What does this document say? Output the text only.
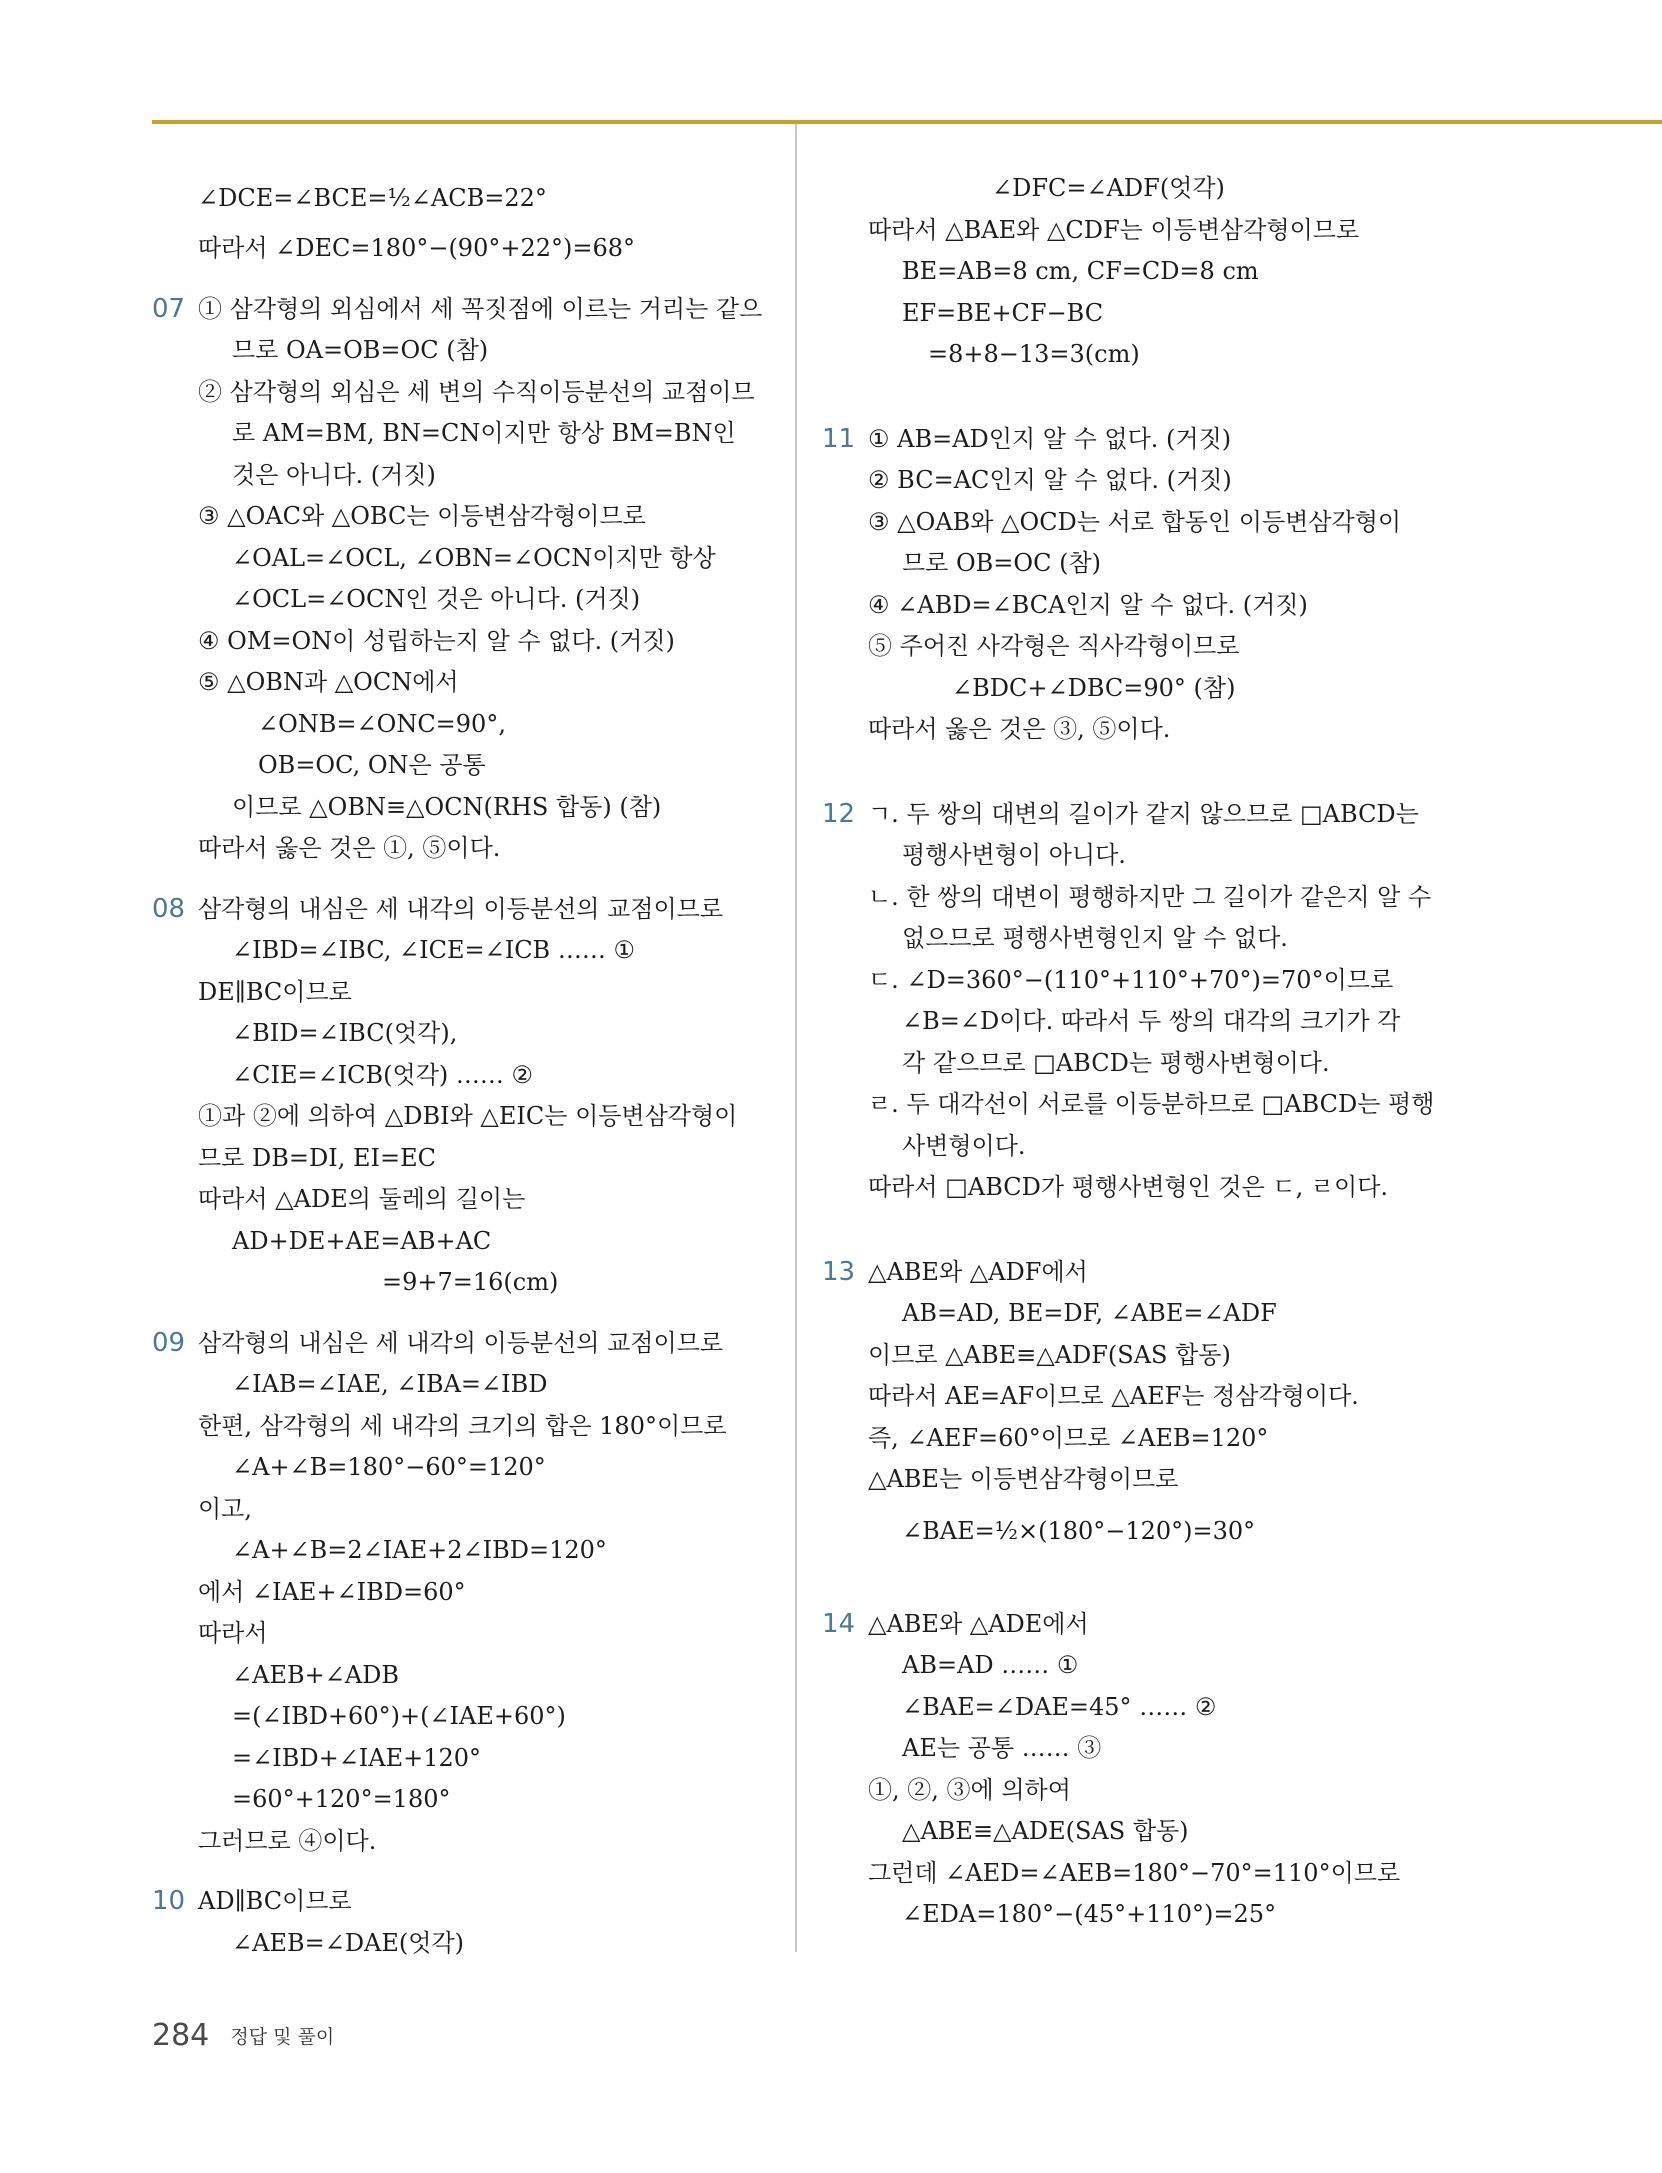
∠DCE=∠BCE=½∠ACB=22°
따라서 ∠DEC=180°−(90°+22°)=68°
07 ① 삼각형의 외심에서 세 꼭짓점에 이르는 거리는 같으
므로 OA=OB=OC (참)
② 삼각형의 외심은 세 변의 수직이등분선의 교점이므
로 AM=BM, BN=CN이지만 항상 BM=BN인
것은 아니다. (거짓)
③ △OAC와 △OBC는 이등변삼각형이므로
∠OAL=∠OCL, ∠OBN=∠OCN이지만 항상
∠OCL=∠OCN인 것은 아니다. (거짓)
④ OM=ON이 성립하는지 알 수 없다. (거짓)
⑤ △OBN과 △OCN에서
∠ONB=∠ONC=90°,
OB=OC, ON은 공통
이므로 △OBN≡△OCN(RHS 합동) (참)
따라서 옳은 것은 ①, ⑤이다.
08 삼각형의 내심은 세 내각의 이등분선의 교점이므로
∠IBD=∠IBC, ∠ICE=∠ICB …… ①
DE∥BC이므로
∠BID=∠IBC(엇각),
∠CIE=∠ICB(엇각) …… ②
①과 ②에 의하여 △DBI와 △EIC는 이등변삼각형이
므로 DB=DI, EI=EC
따라서 △ADE의 둘레의 길이는
AD+DE+AE=AB+AC
=9+7=16(cm)
09 삼각형의 내심은 세 내각의 이등분선의 교점이므로
∠IAB=∠IAE, ∠IBA=∠IBD
한편, 삼각형의 세 내각의 크기의 합은 180°이므로
∠A+∠B=180°−60°=120°
이고,
∠A+∠B=2∠IAE+2∠IBD=120°
에서 ∠IAE+∠IBD=60°
따라서
∠AEB+∠ADB
=(∠IBD+60°)+(∠IAE+60°)
=∠IBD+∠IAE+120°
=60°+120°=180°
그러므로 ④이다.
10 AD∥BC이므로
∠AEB=∠DAE(엇각)
∠DFC=∠ADF(엇각)
따라서 △BAE와 △CDF는 이등변삼각형이므로
BE=AB=8 cm, CF=CD=8 cm
EF=BE+CF−BC
=8+8−13=3(cm)
11 ① AB=AD인지 알 수 없다. (거짓)
② BC=AC인지 알 수 없다. (거짓)
③ △OAB와 △OCD는 서로 합동인 이등변삼각형이
므로 OB=OC (참)
④ ∠ABD=∠BCA인지 알 수 없다. (거짓)
⑤ 주어진 사각형은 직사각형이므로
∠BDC+∠DBC=90° (참)
따라서 옳은 것은 ③, ⑤이다.
12 ㄱ. 두 쌍의 대변의 길이가 같지 않으므로 □ABCD는
평행사변형이 아니다.
ㄴ. 한 쌍의 대변이 평행하지만 그 길이가 같은지 알 수
없으므로 평행사변형인지 알 수 없다.
ㄷ. ∠D=360°−(110°+110°+70°)=70°이므로
∠B=∠D이다. 따라서 두 쌍의 대각의 크기가 각
각 같으므로 □ABCD는 평행사변형이다.
ㄹ. 두 대각선이 서로를 이등분하므로 □ABCD는 평행
사변형이다.
따라서 □ABCD가 평행사변형인 것은 ㄷ, ㄹ이다.
13 △ABE와 △ADF에서
AB=AD, BE=DF, ∠ABE=∠ADF
이므로 △ABE≡△ADF(SAS 합동)
따라서 AE=AF이므로 △AEF는 정삼각형이다.
즉, ∠AEF=60°이므로 ∠AEB=120°
△ABE는 이등변삼각형이므로
∠BAE=½×(180°−120°)=30°
14 △ABE와 △ADE에서
AB=AD …… ①
∠BAE=∠DAE=45° …… ②
AE는 공통 …… ③
①, ②, ③에 의하여
△ABE≡△ADE(SAS 합동)
그런데 ∠AED=∠AEB=180°−70°=110°이므로
∠EDA=180°−(45°+110°)=25°
284 정답 및 풀이
